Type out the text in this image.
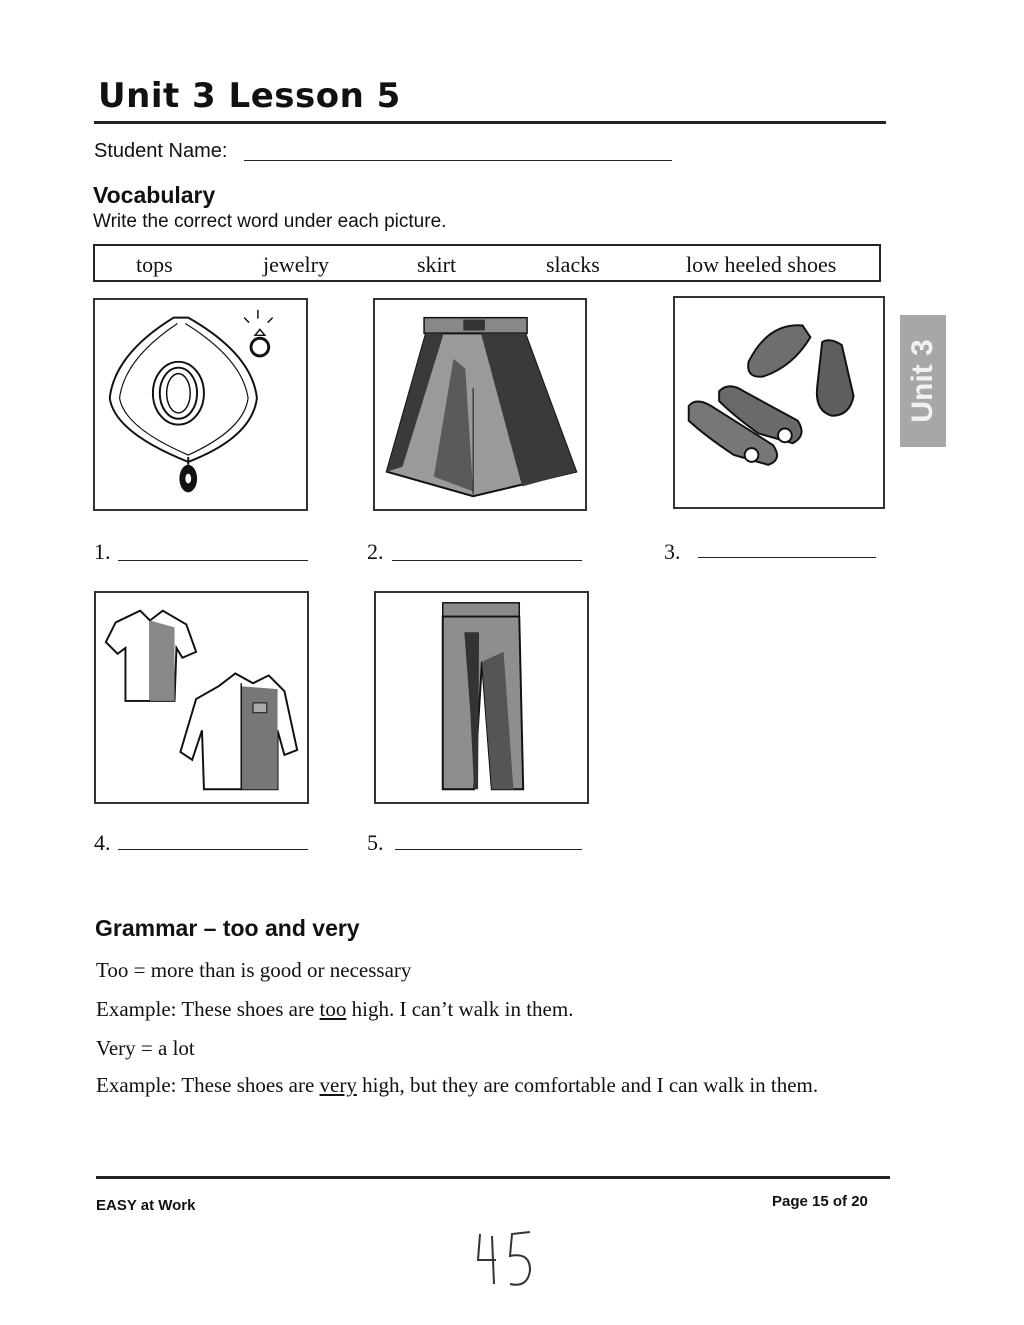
Unit 3 Lesson 5
Student Name:
Vocabulary
Write the correct word under each picture.
tops	jewelry	skirt	slacks	low heeled shoes
Unit 3
1.	2.	3.
4.	5.
Grammar – too and very
Too = more than is good or necessary
Example: These shoes are too high. I can’t walk in them.
Very = a lot
Example: These shoes are very high, but they are comfortable and I can walk in them.
EASY at Work	Page 15 of 20
